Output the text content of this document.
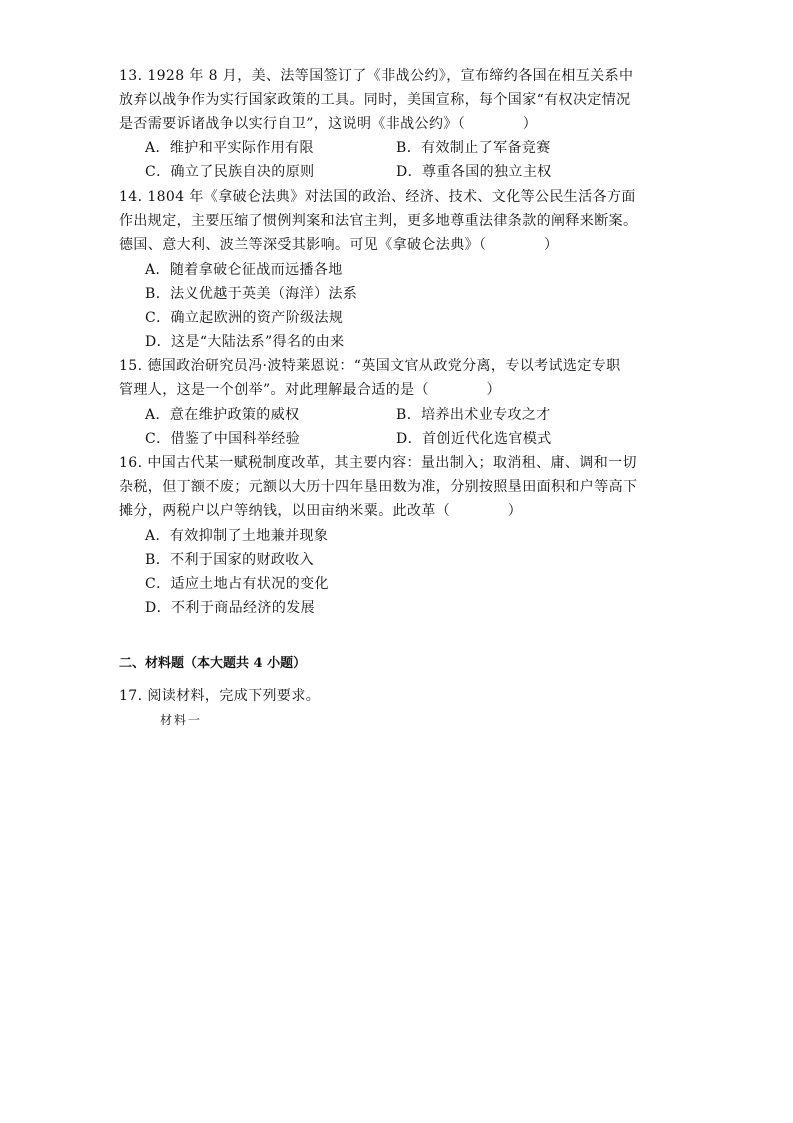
13. 1928 年 8 月，美、法等国签订了《非战公约》，宣布缔约各国在相互关系中
放弃以战争作为实行国家政策的工具。同时，美国宣称，每个国家“有权决定情况
是否需要诉诸战争以实行自卫”，这说明《非战公约》（　　　　）
A．维护和平实际作用有限	B．有效制止了军备竞赛
C．确立了民族自决的原则	D．尊重各国的独立主权
14. 1804 年《拿破仑法典》对法国的政治、经济、技术、文化等公民生活各方面
作出规定，主要压缩了惯例判案和法官主判，更多地尊重法律条款的阐释来断案。
德国、意大利、波兰等深受其影响。可见《拿破仑法典》（　　　　）
A．随着拿破仑征战而远播各地
B．法义优越于英美（海洋）法系
C．确立起欧洲的资产阶级法规
D．这是“大陆法系”得名的由来
15. 德国政治研究员冯·波特莱恩说：“英国文官从政党分离，专以考试选定专职
管理人，这是一个创举”。对此理解最合适的是（　　　　）
A．意在维护政策的威权	B．培养出术业专攻之才
C．借鉴了中国科举经验	D．首创近代化选官模式
16. 中国古代某一赋税制度改革，其主要内容：量出制入；取消租、庸、调和一切
杂税，但丁额不废；元额以大历十四年垦田数为准，分别按照垦田面积和户等高下
摊分，两税户以户等纳钱，以田亩纳米粟。此改革（　　　　）
A．有效抑制了土地兼并现象
B．不利于国家的财政收入
C．适应土地占有状况的变化
D．不利于商品经济的发展
二、材料题（本大题共 4 小题）
17. 阅读材料，完成下列要求。
材料一
